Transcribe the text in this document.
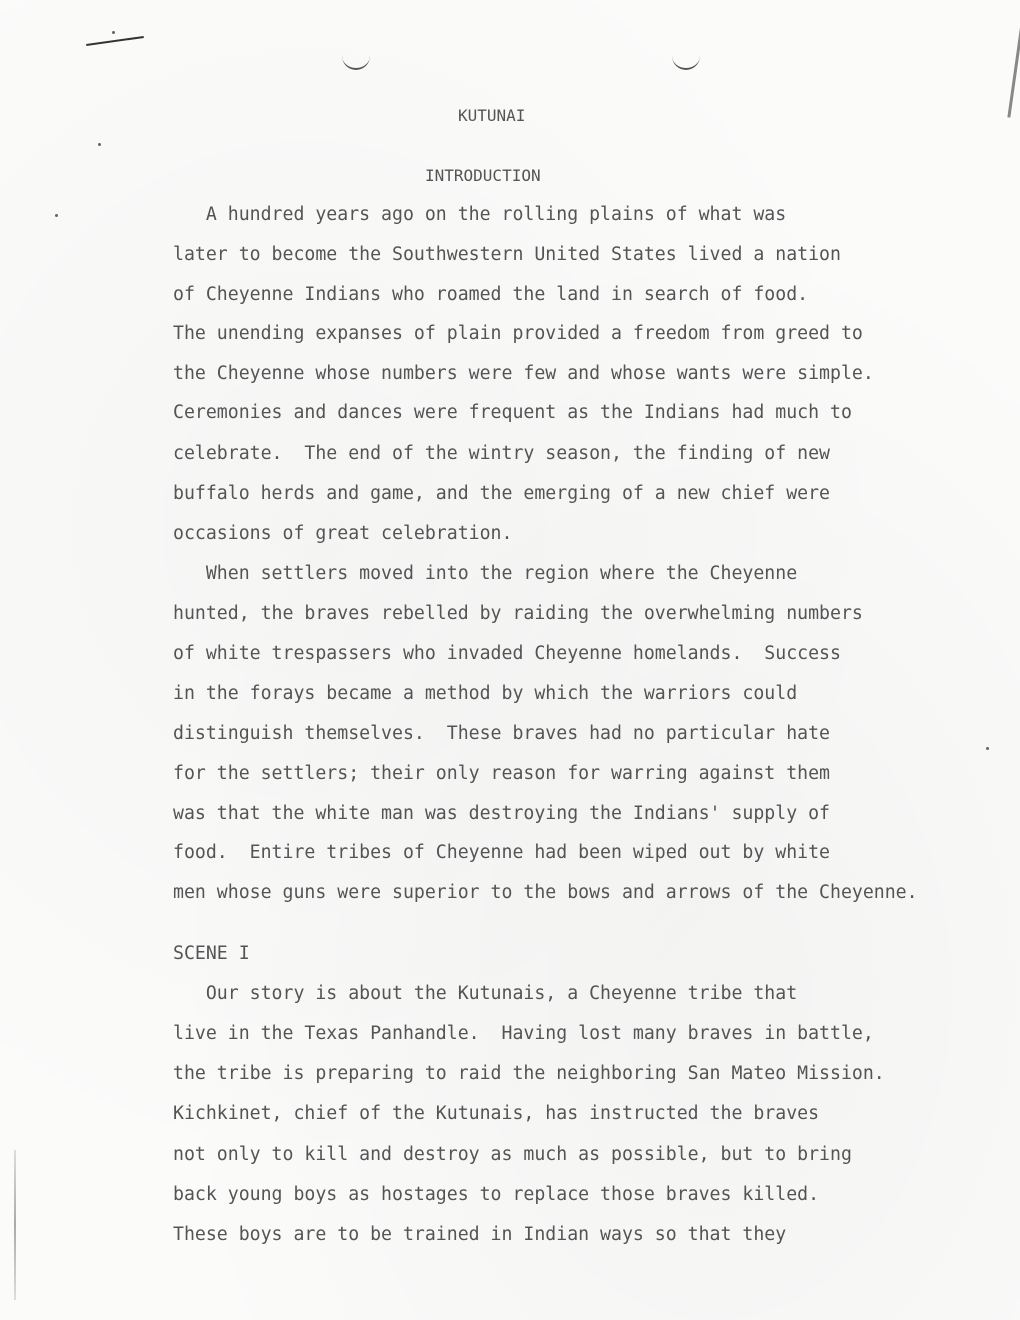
KUTUNAI
INTRODUCTION
A hundred years ago on the rolling plains of what was
later to become the Southwestern United States lived a nation
of Cheyenne Indians who roamed the land in search of food.
The unending expanses of plain provided a freedom from greed to
the Cheyenne whose numbers were few and whose wants were simple.
Ceremonies and dances were frequent as the Indians had much to
celebrate.  The end of the wintry season, the finding of new
buffalo herds and game, and the emerging of a new chief were
occasions of great celebration.
When settlers moved into the region where the Cheyenne
hunted, the braves rebelled by raiding the overwhelming numbers
of white trespassers who invaded Cheyenne homelands.  Success
in the forays became a method by which the warriors could
distinguish themselves.  These braves had no particular hate
for the settlers; their only reason for warring against them
was that the white man was destroying the Indians' supply of
food.  Entire tribes of Cheyenne had been wiped out by white
men whose guns were superior to the bows and arrows of the Cheyenne.
SCENE I
Our story is about the Kutunais, a Cheyenne tribe that
live in the Texas Panhandle.  Having lost many braves in battle,
the tribe is preparing to raid the neighboring San Mateo Mission.
Kichkinet, chief of the Kutunais, has instructed the braves
not only to kill and destroy as much as possible, but to bring
back young boys as hostages to replace those braves killed.
These boys are to be trained in Indian ways so that they
